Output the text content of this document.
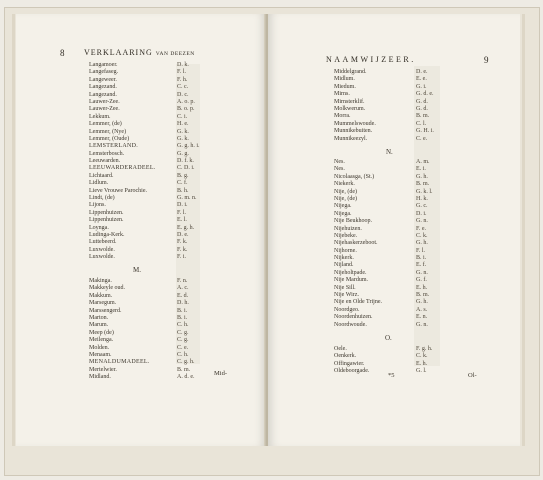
8 VERKLAARING VAN DEEZEN
Langamoer.	D. k.
Langefaseg.	F. l.
Langeweer.	F. h.
Langezand.	C. c.
Langezand.	D. c.
Lauwer-Zee.	A. o. p.
Lauwer-Zee.	B. o. p.
Lekkum.	C. i.
Lemmer, (de)	H. e.
Lemmer, (Nye)	G. k.
Lemmer, (Oude)	G. k.
LEMSTERLAND.	G. g. h. i.
Lemsterbosch.	G. g.
Leeuwarden.	D. f. k.
LEEUWARDERADEEL.	C. D. i.
Lichtaard.	B. g.
Lidlum.	C. f.
Lieve Vrouwe Parochie.	B. h.
Lindt, (de)	G. m. n.
Lijons.	D. i.
Lippenhuizen.	F. l.
Lippenhuizen.	E. l.
Loynga.	E. g. h.
Ludinga-Kerk.	D. e.
Luttebeerd.	F. k.
Luxwolde.	F. k.
Luxwolde.	F. i.
M.
Makinga.	F. n.
Makkeyle oud.	A. c.
Makkum.	E. d.
Marsegum.	D. h.
Marssengerd.	B. i.
Marton.	B. i.
Marum.	C. h.
Meep (de)	C. g.
Meilenga.	C. g.
Molden.	C. e.
Menaam.	C. h.
MENALDUMADEEL.	C. g. h.
Mertelwier.	B. m.
Midland.	A. d. e.
Mid-
NAAMWIJZEER.	9
Middelgrand.	D. e.
Midlum.	E. e.
Miedum.	G. i.
Mirns.	G. d. e.
Mirnsterklif.	G. d.
Molkwerum.	G. d.
Morra.	B. m.
Mummelswoude.	C. l.
Munnikebuiten.	G. H. i.
Munnikeezyl.	C. e.
N.
Nes.	A. m.
Nes.	E. i.
Nicolaasga, (St.)	G. h.
Niekerk.	B. m.
Nije, (de)	G. k. l.
Nije, (de)	H. k.
Nijega.	G. c.
Nijega.	D. i.
Nije Beukhoop.	G. n.
Nijehuizen.	F. e.
Nijebeke.	C. k.
Nijehaskerzeboot.	G. h.
Nijhorne.	F. l.
Nijkerk.	B. i.
Nijland.	E. f.
Nijeholtpade.	G. n.
Nije Mardum.	G. f.
Nije Sill.	E. h.
Nije Wirz.	B. m.
Nije en Olde Trijne.	G. h.
Noordgeo.	A. s.
Noordenhuizen.	E. n.
Noordwoude.	G. n.
O.
Oele.	F. g. h.
Oenkerk.	C. k.
Offingawier.	E. h.
Oldeboorgade.	G. l.
*5	Ol-
